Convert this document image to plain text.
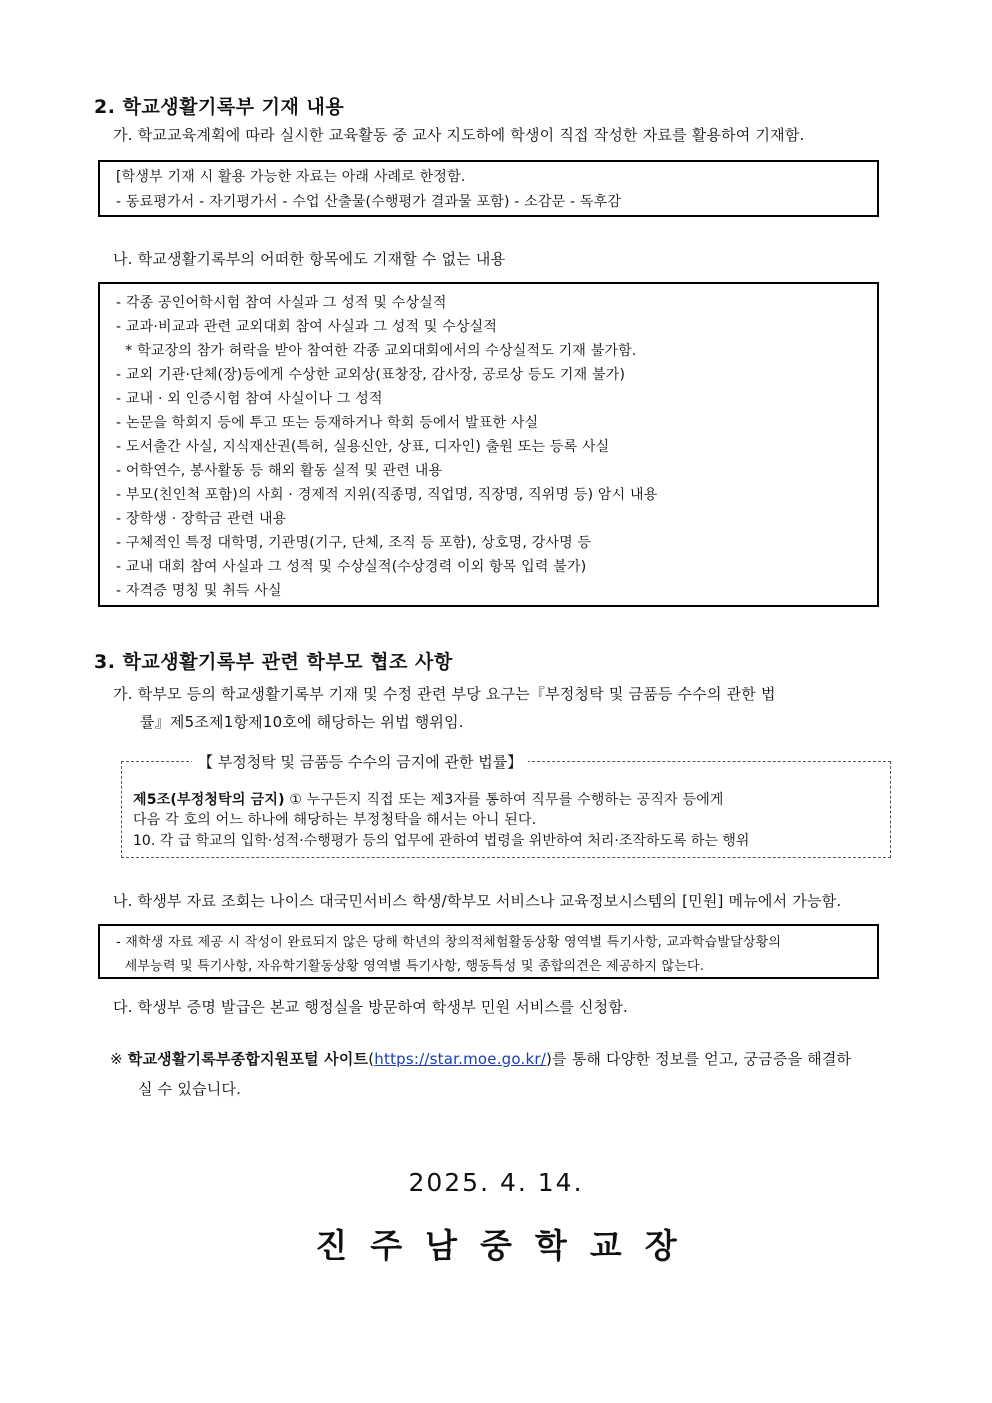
2. 학교생활기록부 기재 내용
가. 학교교육계획에 따라 실시한 교육활동 중 교사 지도하에 학생이 직접 작성한 자료를 활용하여 기재함.
[학생부 기재 시 활용 가능한 자료는 아래 사례로 한정함.
- 동료평가서 - 자기평가서 - 수업 산출물(수행평가 결과물 포함) - 소감문 - 독후감
나. 학교생활기록부의 어떠한 항목에도 기재할 수 없는 내용
- 각종 공인어학시험 참여 사실과 그 성적 및 수상실적
- 교과·비교과 관련 교외대회 참여 사실과 그 성적 및 수상실적
* 학교장의 참가 허락을 받아 참여한 각종 교외대회에서의 수상실적도 기재 불가함.
- 교외 기관·단체(장)등에게 수상한 교외상(표창장, 감사장, 공로상 등도 기재 불가)
- 교내 · 외 인증시험 참여 사실이나 그 성적
- 논문을 학회지 등에 투고 또는 등재하거나 학회 등에서 발표한 사실
- 도서출간 사실, 지식재산권(특허, 실용신안, 상표, 디자인) 출원 또는 등록 사실
- 어학연수, 봉사활동 등 해외 활동 실적 및 관련 내용
- 부모(친인척 포함)의 사회 · 경제적 지위(직종명, 직업명, 직장명, 직위명 등) 암시 내용
- 장학생 · 장학금 관련 내용
- 구체적인 특정 대학명, 기관명(기구, 단체, 조직 등 포함), 상호명, 강사명 등
- 교내 대회 참여 사실과 그 성적 및 수상실적(수상경력 이외 항목 입력 불가)
- 자격증 명칭 및 취득 사실
3. 학교생활기록부 관련 학부모 협조 사항
가. 학부모 등의 학교생활기록부 기재 및 수정 관련 부당 요구는『부정청탁 및 금품등 수수의 관한 법
률』제5조제1항제10호에 해당하는 위법 행위임.
【 부정청탁 및 금품등 수수의 금지에 관한 법률】
제5조(부정청탁의 금지) ① 누구든지 직접 또는 제3자를 통하여 직무를 수행하는 공직자 등에게
다음 각 호의 어느 하나에 해당하는 부정청탁을 해서는 아니 된다.
10. 각 급 학교의 입학·성적·수행평가 등의 업무에 관하여 법령을 위반하여 처리·조작하도록 하는 행위
나. 학생부 자료 조회는 나이스 대국민서비스 학생/학부모 서비스나 교육정보시스템의 [민원] 메뉴에서 가능함.
- 재학생 자료 제공 시 작성이 완료되지 않은 당해 학년의 창의적체험활동상황 영역별 특기사항, 교과학습발달상황의
세부능력 및 특기사항, 자유학기활동상황 영역별 특기사항, 행동특성 및 종합의견은 제공하지 않는다.
다. 학생부 증명 발급은 본교 행정실을 방문하여 학생부 민원 서비스를 신청함.
※ 학교생활기록부종합지원포털 사이트(https://star.moe.go.kr/)를 통해 다양한 정보를 얻고, 궁금증을 해결하
실 수 있습니다.
2025. 4. 14.
진주남중학교장
